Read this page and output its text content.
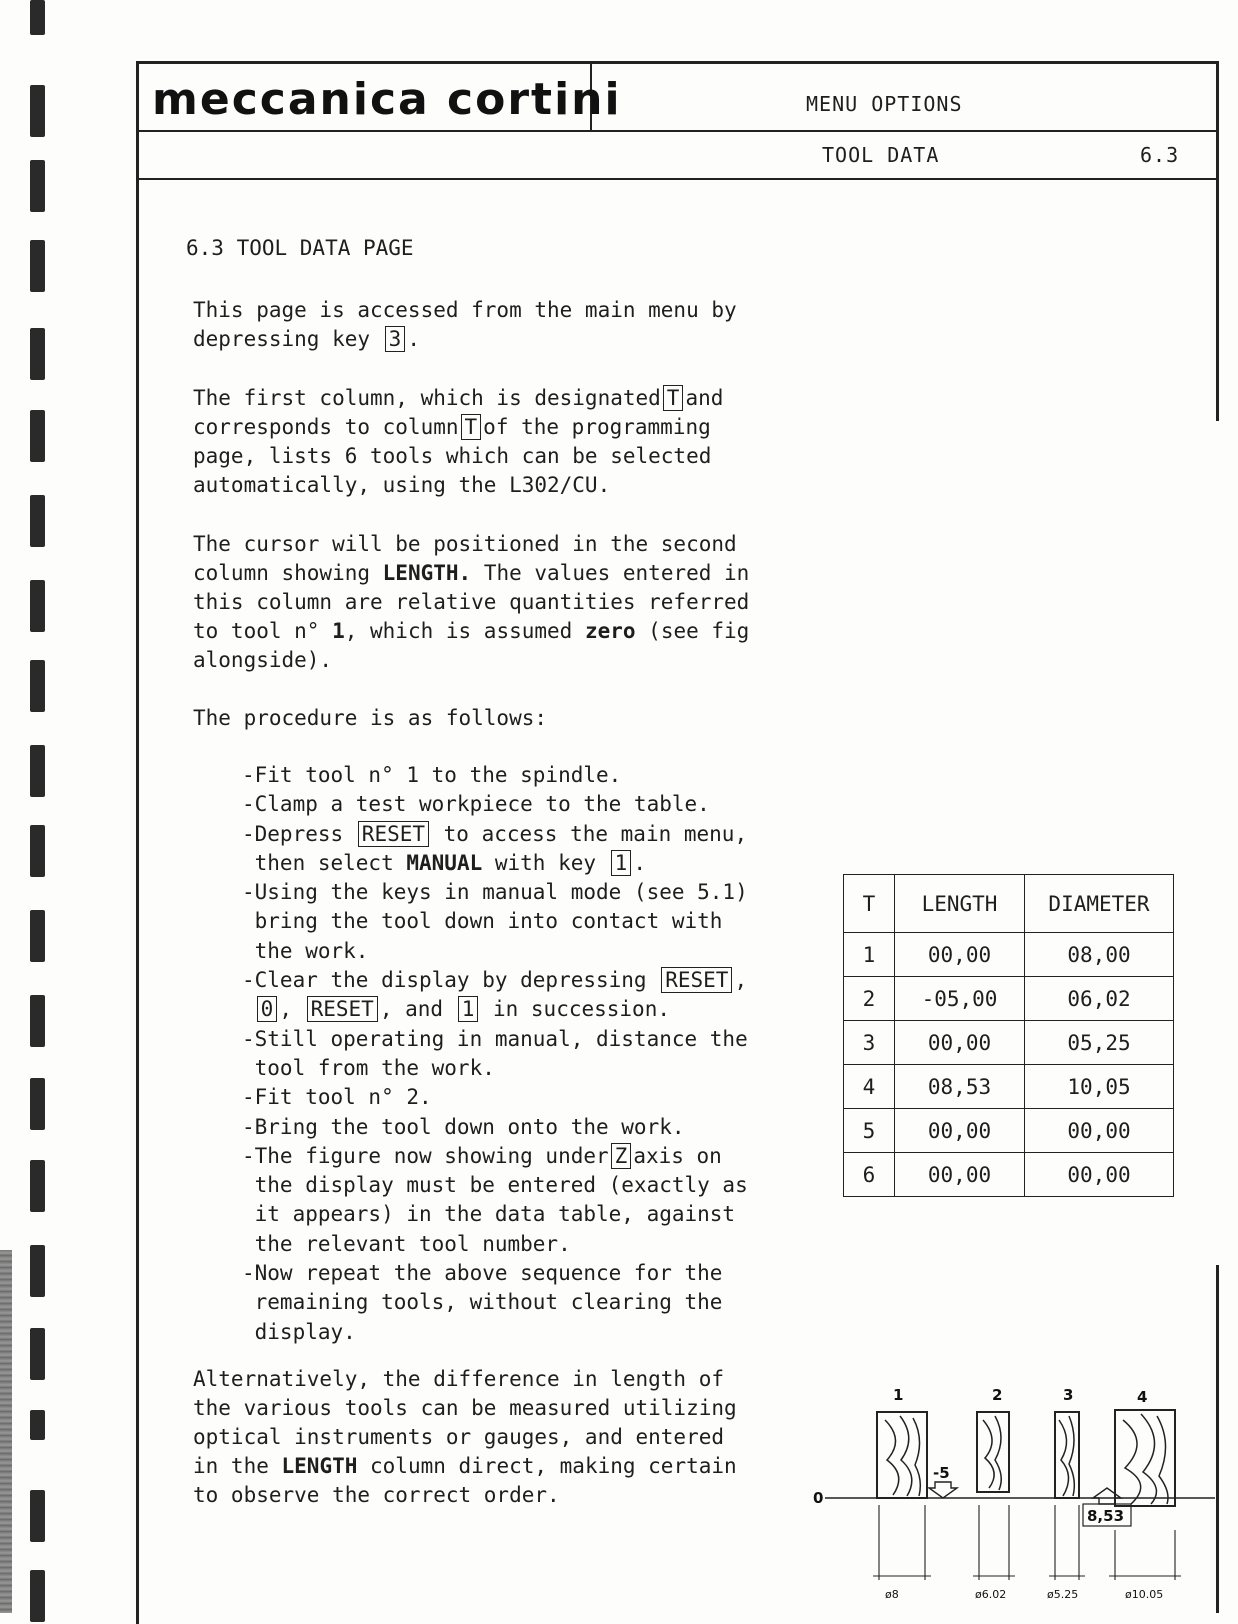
meccanica cortini	MENU OPTIONS
TOOL DATA	6.3
6.3 TOOL DATA PAGE
This page is accessed from the main menu by
depressing key 3 .
The first column, which is designated T and
corresponds to column T of the programming
page, lists 6 tools which can be selected
automatically, using the L302/CU.
The cursor will be positioned in the second
column showing LENGTH. The values entered in
this column are relative quantities referred
to tool n° 1, which is assumed zero (see fig
alongside).
The procedure is as follows:
-Fit tool n° 1 to the spindle.
-Clamp a test workpiece to the table.
-Depress RESET to access the main menu,
then select MANUAL with key 1 .
-Using the keys in manual mode (see 5.1)
bring the tool down into contact with
the work.
-Clear the display by depressing RESET ,
0 , RESET , and 1 in succession.
-Still operating in manual, distance the
tool from the work.
-Fit tool n° 2.
-Bring the tool down onto the work.
-The figure now showing under Z axis on
the display must be entered (exactly as
it appears) in the data table, against
the relevant tool number.
-Now repeat the above sequence for the
remaining tools, without clearing the
display.
Alternatively, the difference in length of
the various tools can be measured utilizing
optical instruments or gauges, and entered
in the LENGTH column direct, making certain
to observe the correct order.
T	LENGTH	DIAMETER
1	00,00	08,00
2	-05,00	06,02
3	00,00	05,25
4	08,53	10,05
5	00,00	00,00
6	00,00	00,00
1	2	3	4
0
-5
8,53
ø8	ø6.02	ø5.25	ø10.05
